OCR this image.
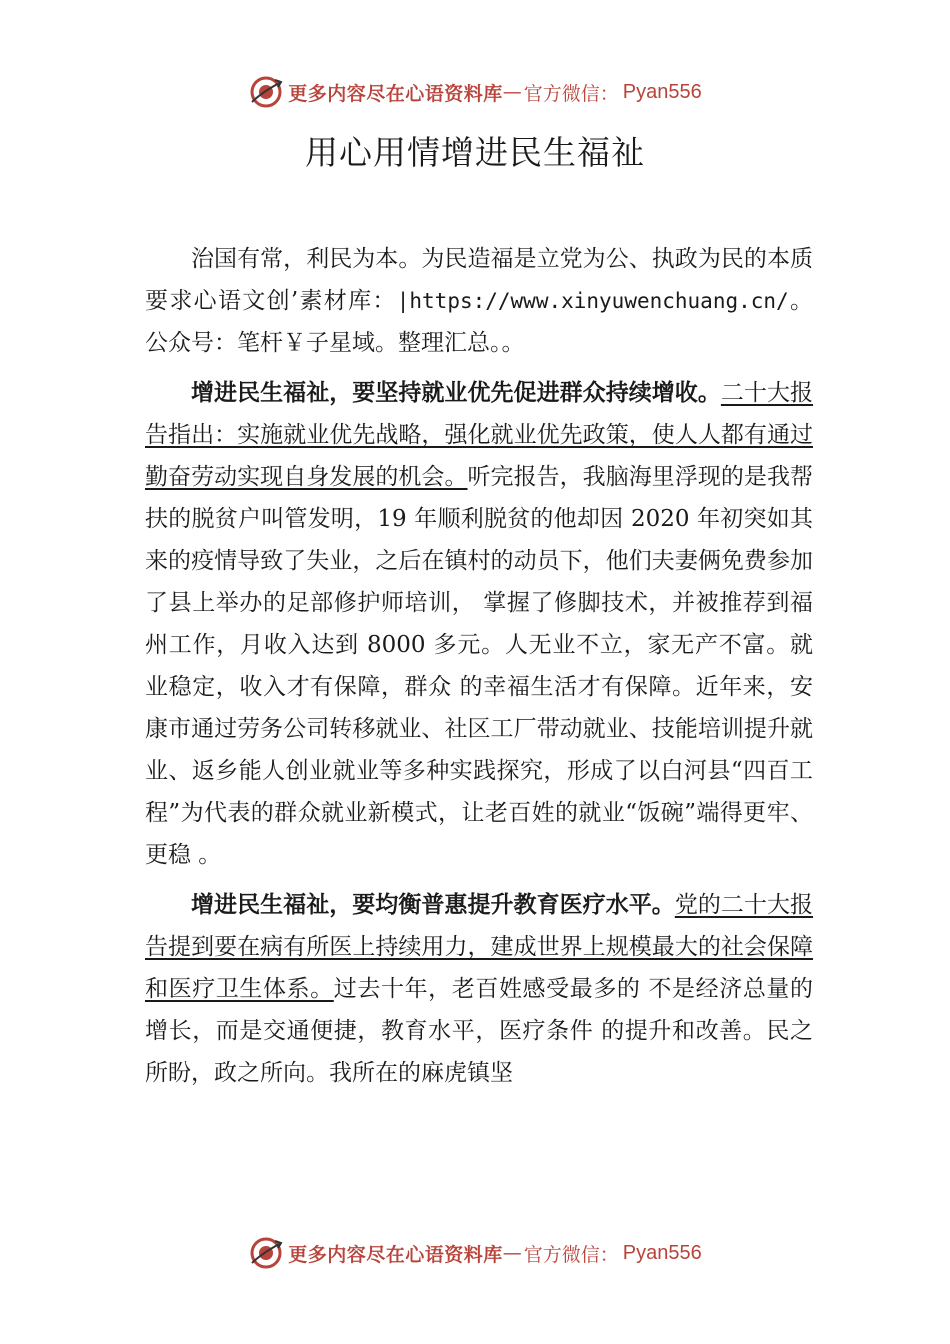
更多内容尽在心语资料库 — 官方微信： Pyan556
用心用情增进民生福祉

治国有常，利民为本。为民造福是立党为公、执政为民的本质要求心语文创’素材库：|https://www.xinyuwenchuang.cn/。公众号：笔杆￥子星域。整理汇总。。

增进民生福祉，要坚持就业优先促进群众持续增收。二十大报告指出：实施就业优先战略，强化就业优先政策，使人人都有通过勤奋劳动实现自身发展的机会。听完报告，我脑海里浮现的是我帮扶的脱贫户叫管发明，19 年顺利脱贫的他却因 2020 年初突如其来的疫情导致了失业，之后在镇村的动员下，他们夫妻俩免费参加了县上举办的足部修护师培训， 掌握了修脚技术，并被推荐到福州工作，月收入达到 8000 多元。人无业不立，家无产不富。就业稳定，收入才有保障，群众 的幸福生活才有保障。近年来，安康市通过劳务公司转移就业、社区工厂带动就业、技能培训提升就业、返乡能人创业就业等多种实践探究，形成了以白河县“四百工程”为代表的群众就业新模式，让老百姓的就业“饭碗”端得更牢、更稳 。

增进民生福祉，要均衡普惠提升教育医疗水平。党的二十大报告提到要在病有所医上持续用力，建成世界上规模最大的社会保障和医疗卫生体系。过去十年，老百姓感受最多的 不是经济总量的增长，而是交通便捷，教育水平，医疗条件 的提升和改善。民之所盼，政之所向。我所在的麻虎镇坚

更多内容尽在心语资料库 — 官方微信： Pyan556
